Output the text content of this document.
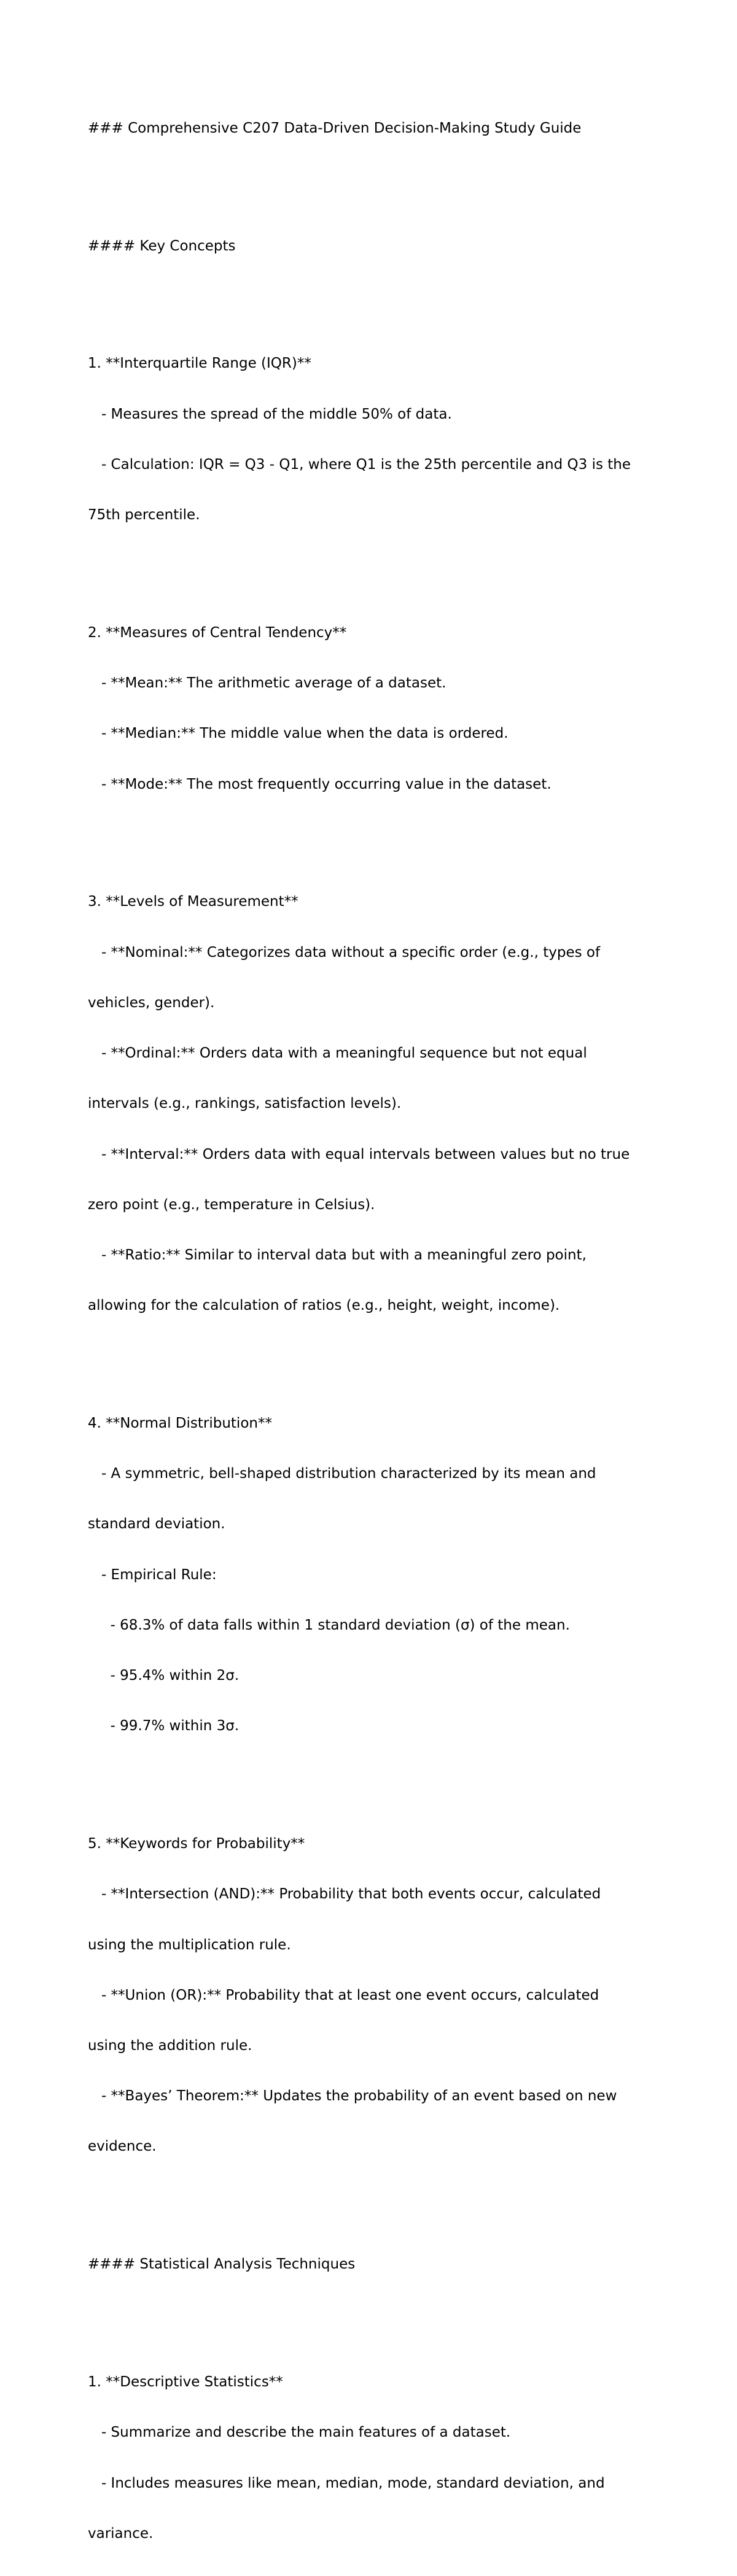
### Comprehensive C207 Data-Driven Decision-Making Study Guide

#### Key Concepts

1. **Interquartile Range (IQR)**

- Measures the spread of the middle 50% of data.

- Calculation: IQR = Q3 - Q1, where Q1 is the 25th percentile and Q3 is the

75th percentile.

2. **Measures of Central Tendency**

- **Mean:** The arithmetic average of a dataset.

- **Median:** The middle value when the data is ordered.

- **Mode:** The most frequently occurring value in the dataset.

3. **Levels of Measurement**

- **Nominal:** Categorizes data without a specific order (e.g., types of

vehicles, gender).

- **Ordinal:** Orders data with a meaningful sequence but not equal

intervals (e.g., rankings, satisfaction levels).

- **Interval:** Orders data with equal intervals between values but no true

zero point (e.g., temperature in Celsius).

- **Ratio:** Similar to interval data but with a meaningful zero point,

allowing for the calculation of ratios (e.g., height, weight, income).

4. **Normal Distribution**

- A symmetric, bell-shaped distribution characterized by its mean and

standard deviation.

- Empirical Rule:

- 68.3% of data falls within 1 standard deviation (σ) of the mean.

- 95.4% within 2σ.

- 99.7% within 3σ.

5. **Keywords for Probability**

- **Intersection (AND):** Probability that both events occur, calculated

using the multiplication rule.

- **Union (OR):** Probability that at least one event occurs, calculated

using the addition rule.

- **Bayes’ Theorem:** Updates the probability of an event based on new

evidence.

#### Statistical Analysis Techniques

1. **Descriptive Statistics**

- Summarize and describe the main features of a dataset.

- Includes measures like mean, median, mode, standard deviation, and

variance.
